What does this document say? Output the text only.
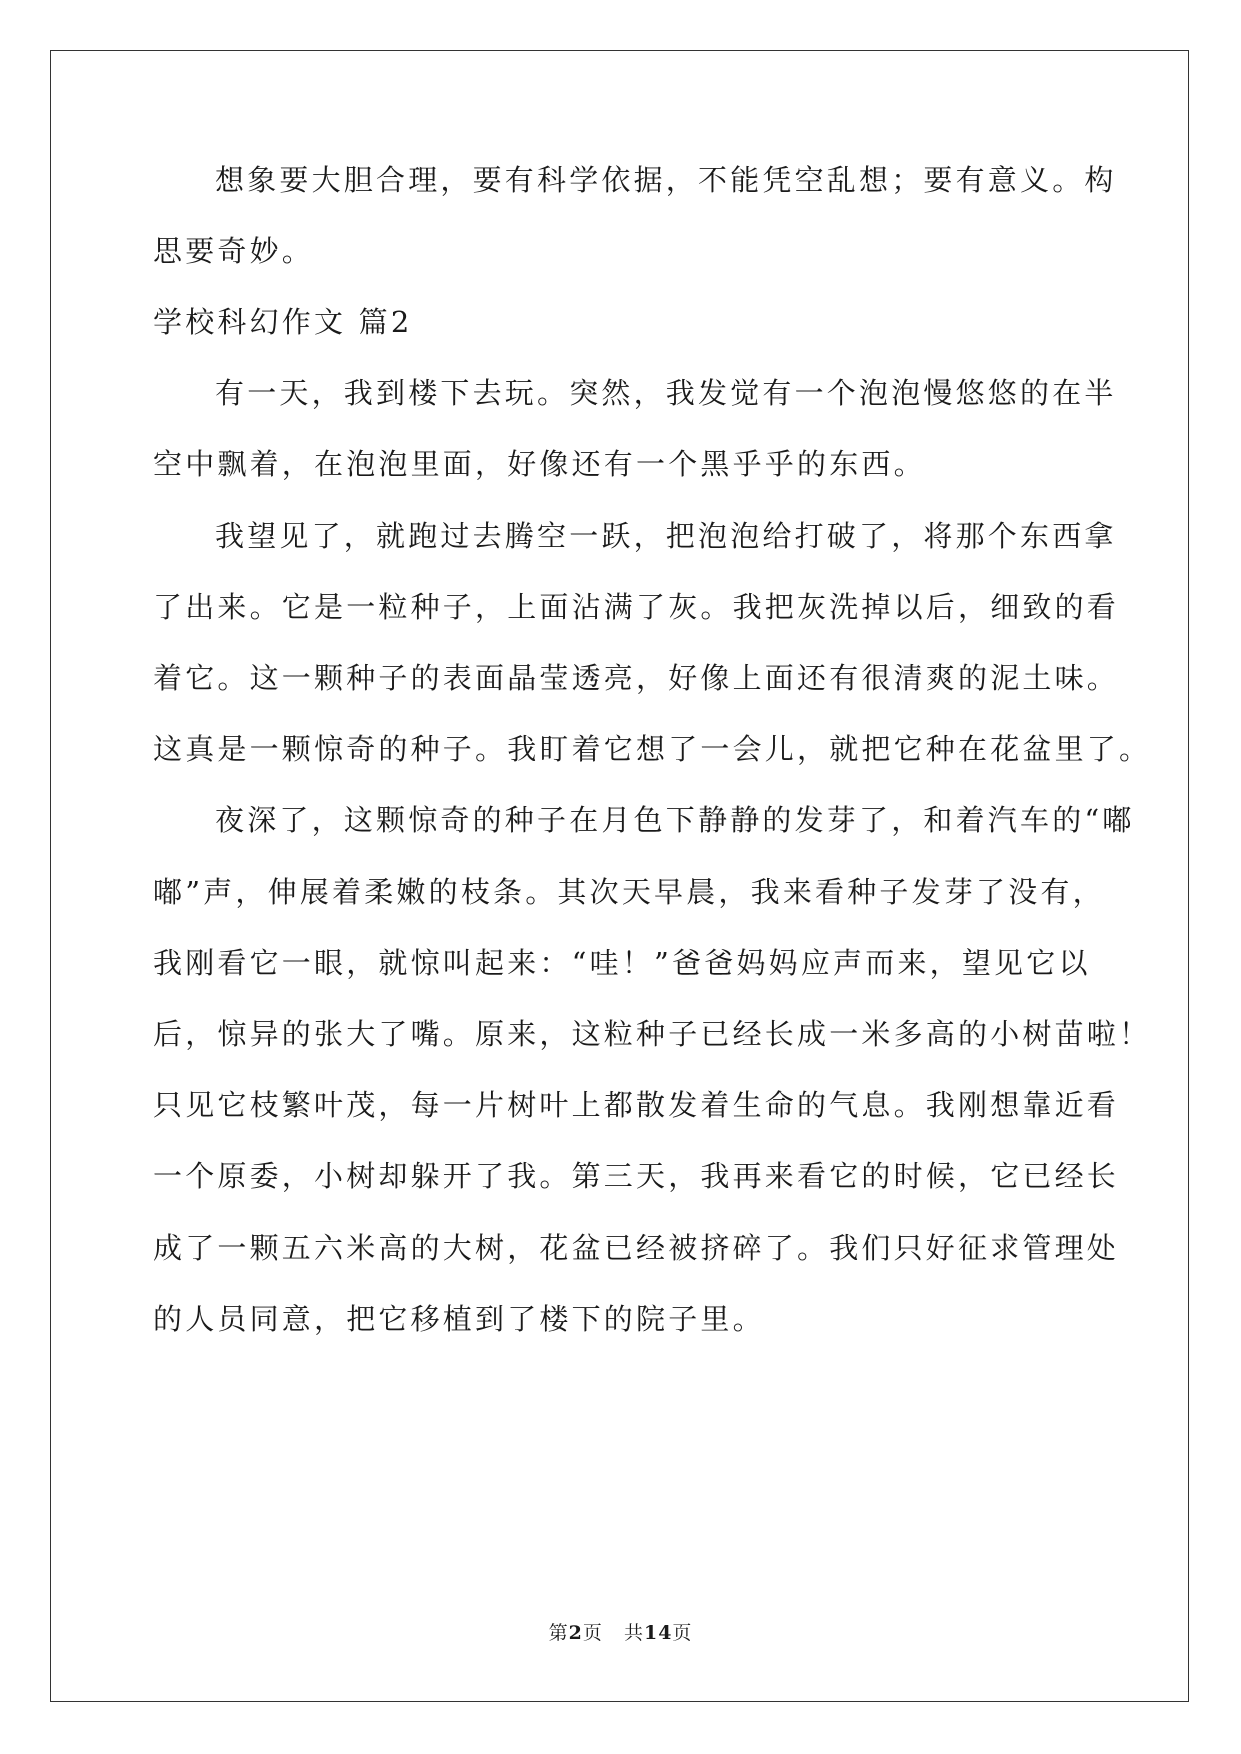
想象要大胆合理，要有科学依据，不能凭空乱想；要有意义。构
思要奇妙。
学校科幻作文 篇2
有一天，我到楼下去玩。突然，我发觉有一个泡泡慢悠悠的在半
空中飘着，在泡泡里面，好像还有一个黑乎乎的东西。
我望见了，就跑过去腾空一跃，把泡泡给打破了，将那个东西拿
了出来。它是一粒种子，上面沾满了灰。我把灰洗掉以后，细致的看
着它。这一颗种子的表面晶莹透亮，好像上面还有很清爽的泥土味。
这真是一颗惊奇的种子。我盯着它想了一会儿，就把它种在花盆里了。
夜深了，这颗惊奇的种子在月色下静静的发芽了，和着汽车的“嘟
嘟”声，伸展着柔嫩的枝条。其次天早晨，我来看种子发芽了没有，
我刚看它一眼，就惊叫起来：“哇！”爸爸妈妈应声而来，望见它以
后，惊异的张大了嘴。原来，这粒种子已经长成一米多高的小树苗啦！
只见它枝繁叶茂，每一片树叶上都散发着生命的气息。我刚想靠近看
一个原委，小树却躲开了我。第三天，我再来看它的时候，它已经长
成了一颗五六米高的大树，花盆已经被挤碎了。我们只好征求管理处
的人员同意，把它移植到了楼下的院子里。
第2页 共14页
